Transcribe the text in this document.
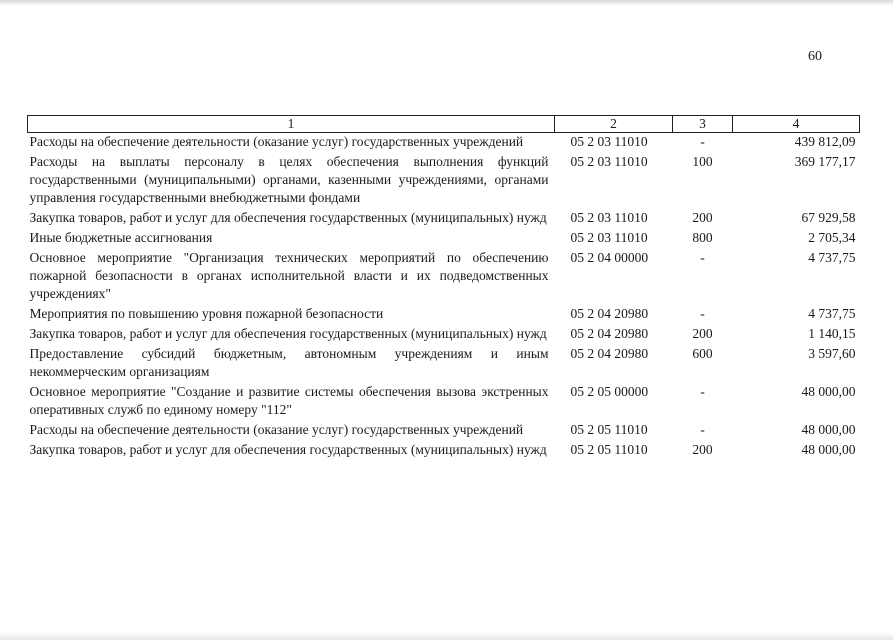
60
1	2	3	4
Расходы на обеспечение деятельности (оказание услуг) государственных учреждений	05 2 03 11010	-	439 812,09
Расходы на выплаты персоналу в целях обеспечения выполнения функций государственными (муниципальными) органами, казенными учреждениями, органами управления государственными внебюджетными фондами	05 2 03 11010	100	369 177,17
Закупка товаров, работ и услуг для обеспечения государственных (муниципальных) нужд	05 2 03 11010	200	67 929,58
Иные бюджетные ассигнования	05 2 03 11010	800	2 705,34
Основное мероприятие "Организация технических мероприятий по обеспечению пожарной безопасности в органах исполнительной власти и их подведомственных учреждениях"	05 2 04 00000	-	4 737,75
Мероприятия по повышению уровня пожарной безопасности	05 2 04 20980	-	4 737,75
Закупка товаров, работ и услуг для обеспечения государственных (муниципальных) нужд	05 2 04 20980	200	1 140,15
Предоставление субсидий бюджетным, автономным учреждениям и иным некоммерческим организациям	05 2 04 20980	600	3 597,60
Основное мероприятие "Создание и развитие системы обеспечения вызова экстренных оперативных служб по единому номеру "112"	05 2 05 00000	-	48 000,00
Расходы на обеспечение деятельности (оказание услуг) государственных учреждений	05 2 05 11010	-	48 000,00
Закупка товаров, работ и услуг для обеспечения государственных (муниципальных) нужд	05 2 05 11010	200	48 000,00
